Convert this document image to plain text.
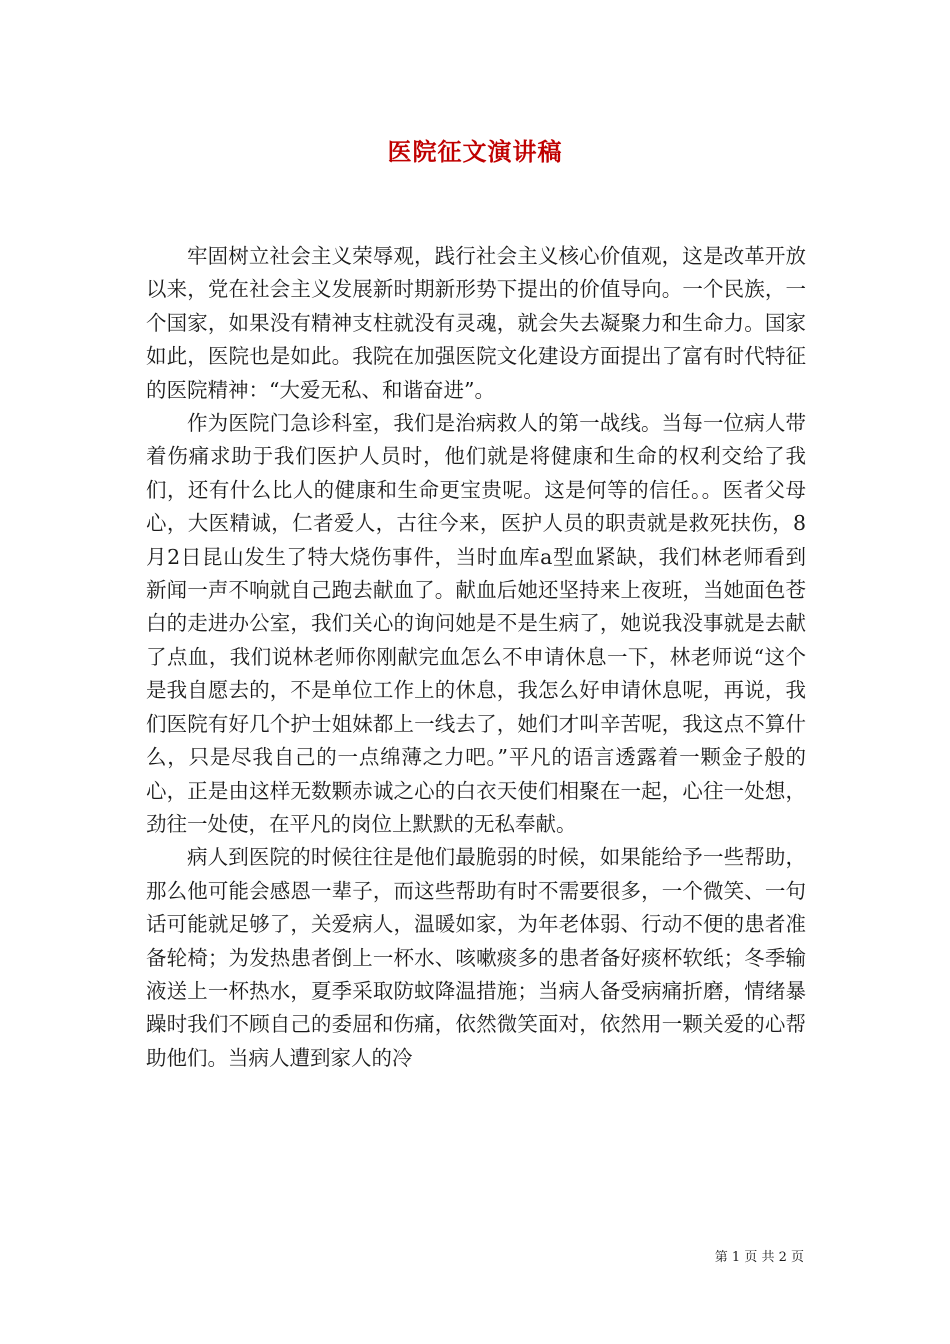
医院征文演讲稿

牢固树立社会主义荣辱观，践行社会主义核心价值观，这是改革开放以来，党在社会主义发展新时期新形势下提出的价值导向。一个民族，一个国家，如果没有精神支柱就没有灵魂，就会失去凝聚力和生命力。国家如此，医院也是如此。我院在加强医院文化建设方面提出了富有时代特征的医院精神：“大爱无私、和谐奋进”。

作为医院门急诊科室，我们是治病救人的第一战线。当每一位病人带着伤痛求助于我们医护人员时，他们就是将健康和生命的权利交给了我们，还有什么比人的健康和生命更宝贵呢。这是何等的信任。。医者父母心，大医精诚，仁者爱人，古往今来，医护人员的职责就是救死扶伤，8月2日昆山发生了特大烧伤事件，当时血库a型血紧缺，我们林老师看到新闻一声不响就自己跑去献血了。献血后她还坚持来上夜班，当她面色苍白的走进办公室，我们关心的询问她是不是生病了，她说我没事就是去献了点血，我们说林老师你刚献完血怎么不申请休息一下，林老师说“这个是我自愿去的，不是单位工作上的休息，我怎么好申请休息呢，再说，我们医院有好几个护士姐妹都上一线去了，她们才叫辛苦呢，我这点不算什么，只是尽我自己的一点绵薄之力吧。”平凡的语言透露着一颗金子般的心，正是由这样无数颗赤诚之心的白衣天使们相聚在一起，心往一处想，劲往一处使，在平凡的岗位上默默的无私奉献。

病人到医院的时候往往是他们最脆弱的时候，如果能给予一些帮助，那么他可能会感恩一辈子，而这些帮助有时不需要很多，一个微笑、一句话可能就足够了，关爱病人，温暖如家，为年老体弱、行动不便的患者准备轮椅；为发热患者倒上一杯水、咳嗽痰多的患者备好痰杯软纸；冬季输液送上一杯热水，夏季采取防蚊降温措施；当病人备受病痛折磨，情绪暴躁时我们不顾自己的委屈和伤痛，依然微笑面对，依然用一颗关爱的心帮助他们。当病人遭到家人的冷

第 1 页 共 2 页
